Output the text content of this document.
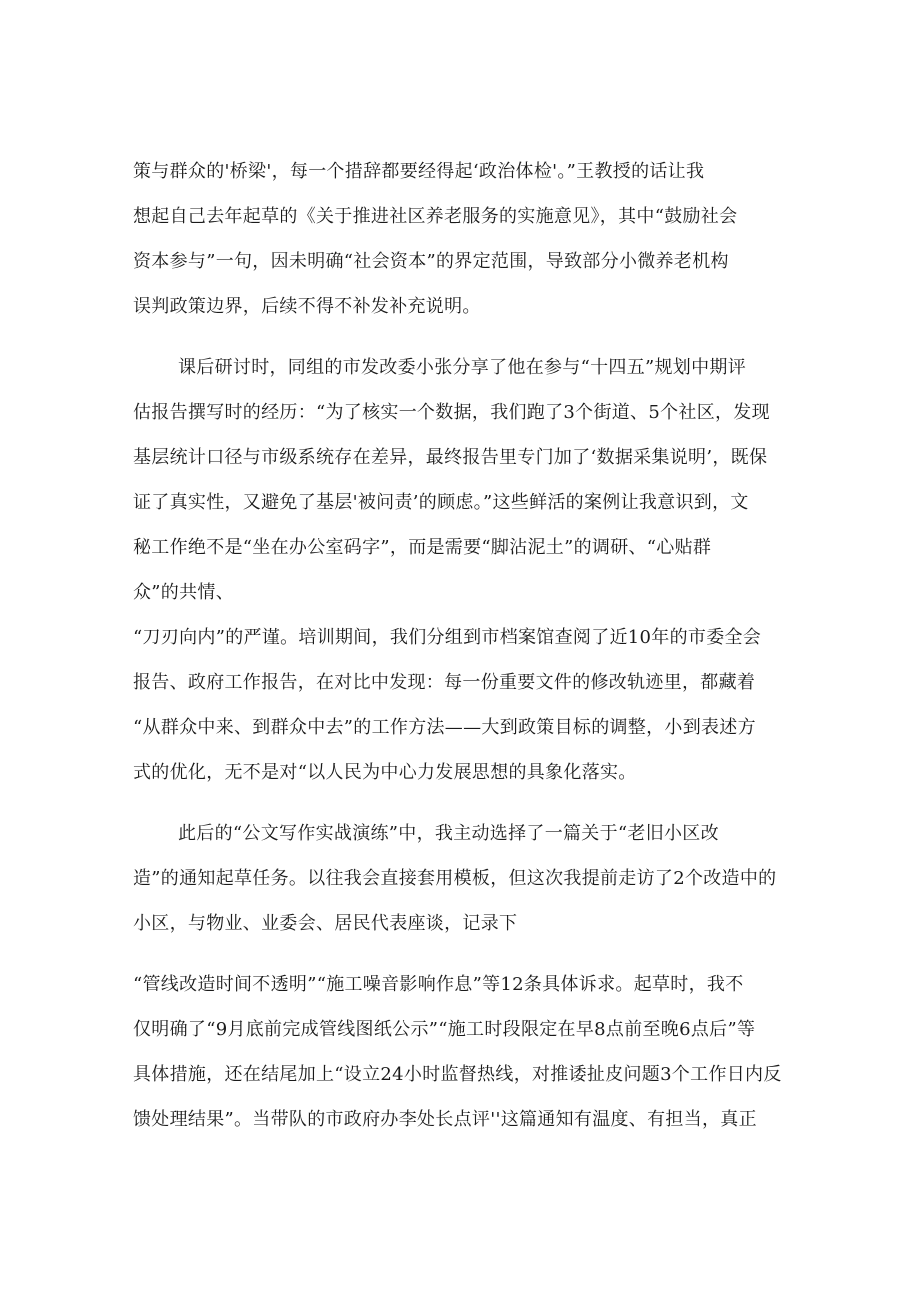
策与群众的'桥梁'，每一个措辞都要经得起‘政治体检'。”王教授的话让我
想起自己去年起草的《关于推进社区养老服务的实施意见》，其中“鼓励社会
资本参与”一句，因未明确“社会资本”的界定范围，导致部分小微养老机构
误判政策边界，后续不得不补发补充说明。
课后研讨时，同组的市发改委小张分享了他在参与“十四五”规划中期评
估报告撰写时的经历：“为了核实一个数据，我们跑了3个街道、5个社区，发现
基层统计口径与市级系统存在差异，最终报告里专门加了‘数据采集说明’，既保
证了真实性，又避免了基层'被问责’的顾虑。”这些鲜活的案例让我意识到，文
秘工作绝不是“坐在办公室码字”，而是需要“脚沾泥土”的调研、“心贴群
众”的共情、
“刀刃向内”的严谨。培训期间，我们分组到市档案馆查阅了近10年的市委全会
报告、政府工作报告，在对比中发现：每一份重要文件的修改轨迹里，都藏着
“从群众中来、到群众中去”的工作方法——大到政策目标的调整，小到表述方
式的优化，无不是对“以人民为中心力发展思想的具象化落实。
此后的“公文写作实战演练”中，我主动选择了一篇关于“老旧小区改
造”的通知起草任务。以往我会直接套用模板，但这次我提前走访了2个改造中的
小区，与物业、业委会、居民代表座谈，记录下
“管线改造时间不透明”“施工噪音影响作息”等12条具体诉求。起草时，我不
仅明确了“9月底前完成管线图纸公示”“施工时段限定在早8点前至晚6点后”等
具体措施，还在结尾加上“设立24小时监督热线，对推诿扯皮问题3个工作日内反
馈处理结果”。当带队的市政府办李处长点评''这篇通知有温度、有担当，真正
